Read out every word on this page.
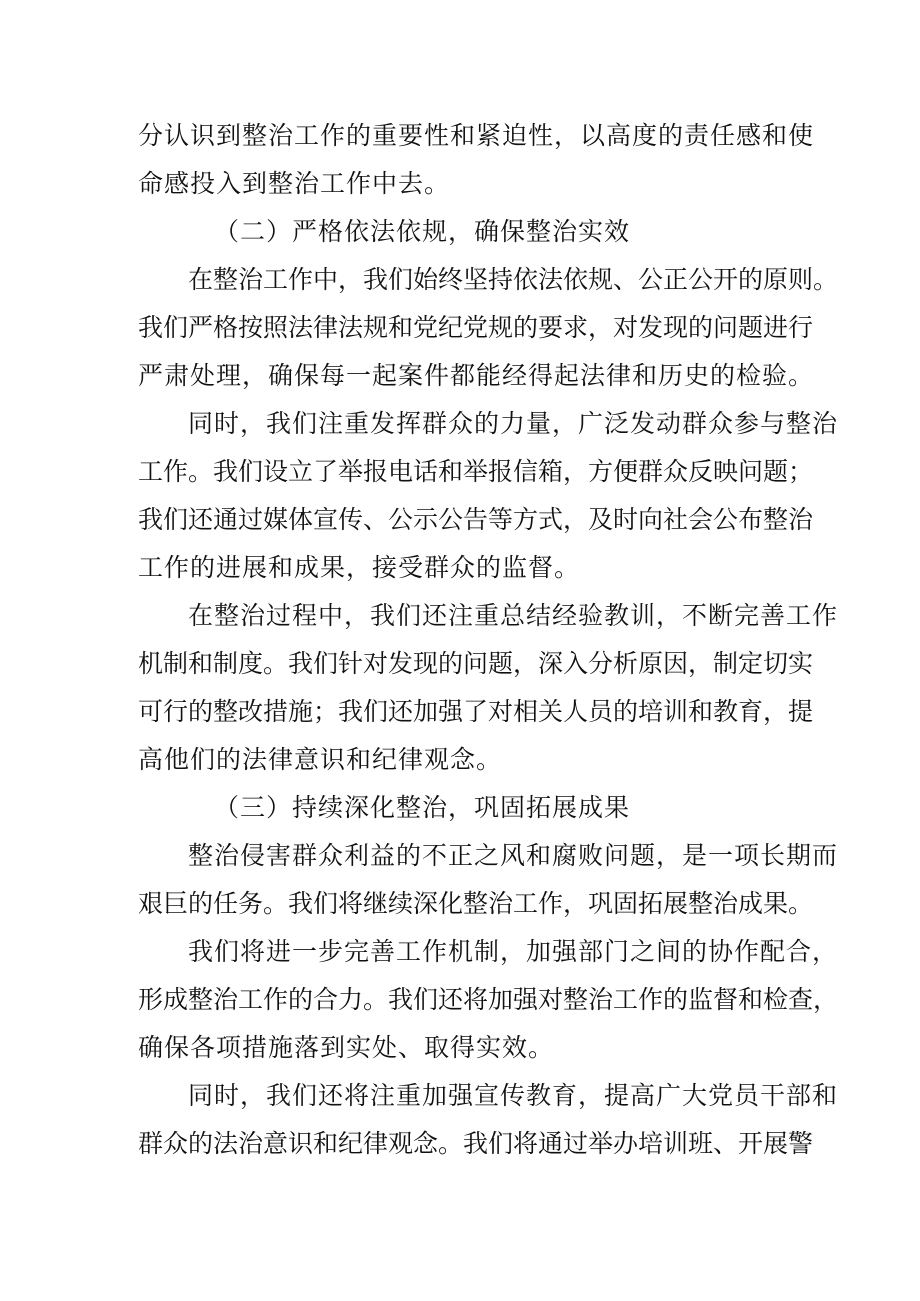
分认识到整治工作的重要性和紧迫性，以高度的责任感和使
命感投入到整治工作中去。
（二）严格依法依规，确保整治实效
在整治工作中，我们始终坚持依法依规、公正公开的原则。
我们严格按照法律法规和党纪党规的要求，对发现的问题进行
严肃处理，确保每一起案件都能经得起法律和历史的检验。
同时，我们注重发挥群众的力量，广泛发动群众参与整治
工作。我们设立了举报电话和举报信箱，方便群众反映问题；
我们还通过媒体宣传、公示公告等方式，及时向社会公布整治
工作的进展和成果，接受群众的监督。
在整治过程中，我们还注重总结经验教训，不断完善工作
机制和制度。我们针对发现的问题，深入分析原因，制定切实
可行的整改措施；我们还加强了对相关人员的培训和教育，提
高他们的法律意识和纪律观念。
（三）持续深化整治，巩固拓展成果
整治侵害群众利益的不正之风和腐败问题，是一项长期而
艰巨的任务。我们将继续深化整治工作，巩固拓展整治成果。
我们将进一步完善工作机制，加强部门之间的协作配合，
形成整治工作的合力。我们还将加强对整治工作的监督和检查，
确保各项措施落到实处、取得实效。
同时，我们还将注重加强宣传教育，提高广大党员干部和
群众的法治意识和纪律观念。我们将通过举办培训班、开展警
